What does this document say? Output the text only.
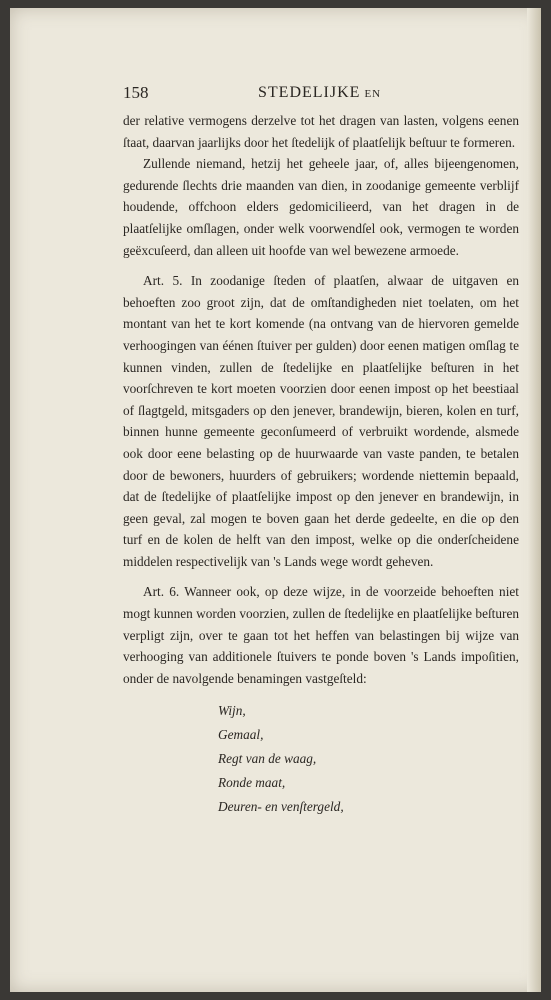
158	STEDELIJKE EN

der relative vermogens derzelve tot het dragen van lasten, volgens eenen ſtaat, daarvan jaarlijks door het ſtedelijk of plaatſelijk beſtuur te formeren.

Zullende niemand, hetzij het geheele jaar, of, alles bijeengenomen, gedurende ſlechts drie maanden van dien, in zoodanige gemeente verblijf houdende, offchoon elders gedomicilieerd, van het dragen in de plaatſelijke omſlagen, onder welk voorwendſel ook, vermogen te worden geëxcuſeerd, dan alleen uit hoofde van wel bewezene armoede.

Art. 5. In zoodanige ſteden of plaatſen, alwaar de uitgaven en behoeften zoo groot zijn, dat de omſtandigheden niet toelaten, om het montant van het te kort komende (na ontvang van de hiervoren gemelde verhoogingen van éénen ſtuiver per gulden) door eenen matigen omſlag te kunnen vinden, zullen de ſtedelijke en plaatſelijke beſturen in het voorſchreven te kort moeten voorzien door eenen impost op het beestiaal of ſlagtgeld, mitsgaders op den jenever, brandewijn, bieren, kolen en turf, binnen hunne gemeente geconſumeerd of verbruikt wordende, alsmede ook door eene belasting op de huurwaarde van vaste panden, te betalen door de bewoners, huurders of gebruikers; wordende niettemin bepaald, dat de ſtedelijke of plaatſelijke impost op den jenever en brandewijn, in geen geval, zal mogen te boven gaan het derde gedeelte, en die op den turf en de kolen de helft van den impost, welke op die onderſcheidene middelen respectivelijk van 's Lands wege wordt geheven.

Art. 6. Wanneer ook, op deze wijze, in de voorzeide behoeften niet mogt kunnen worden voorzien, zullen de ſtedelijke en plaatſelijke beſturen verpligt zijn, over te gaan tot het heffen van belastingen bij wijze van verhooging van additionele ſtuivers te ponde boven 's Lands impoſitien, onder de navolgende benamingen vastgeſteld:

Wijn,
Gemaal,
Regt van de waag,
Ronde maat,
Deuren- en venſtergeld,
